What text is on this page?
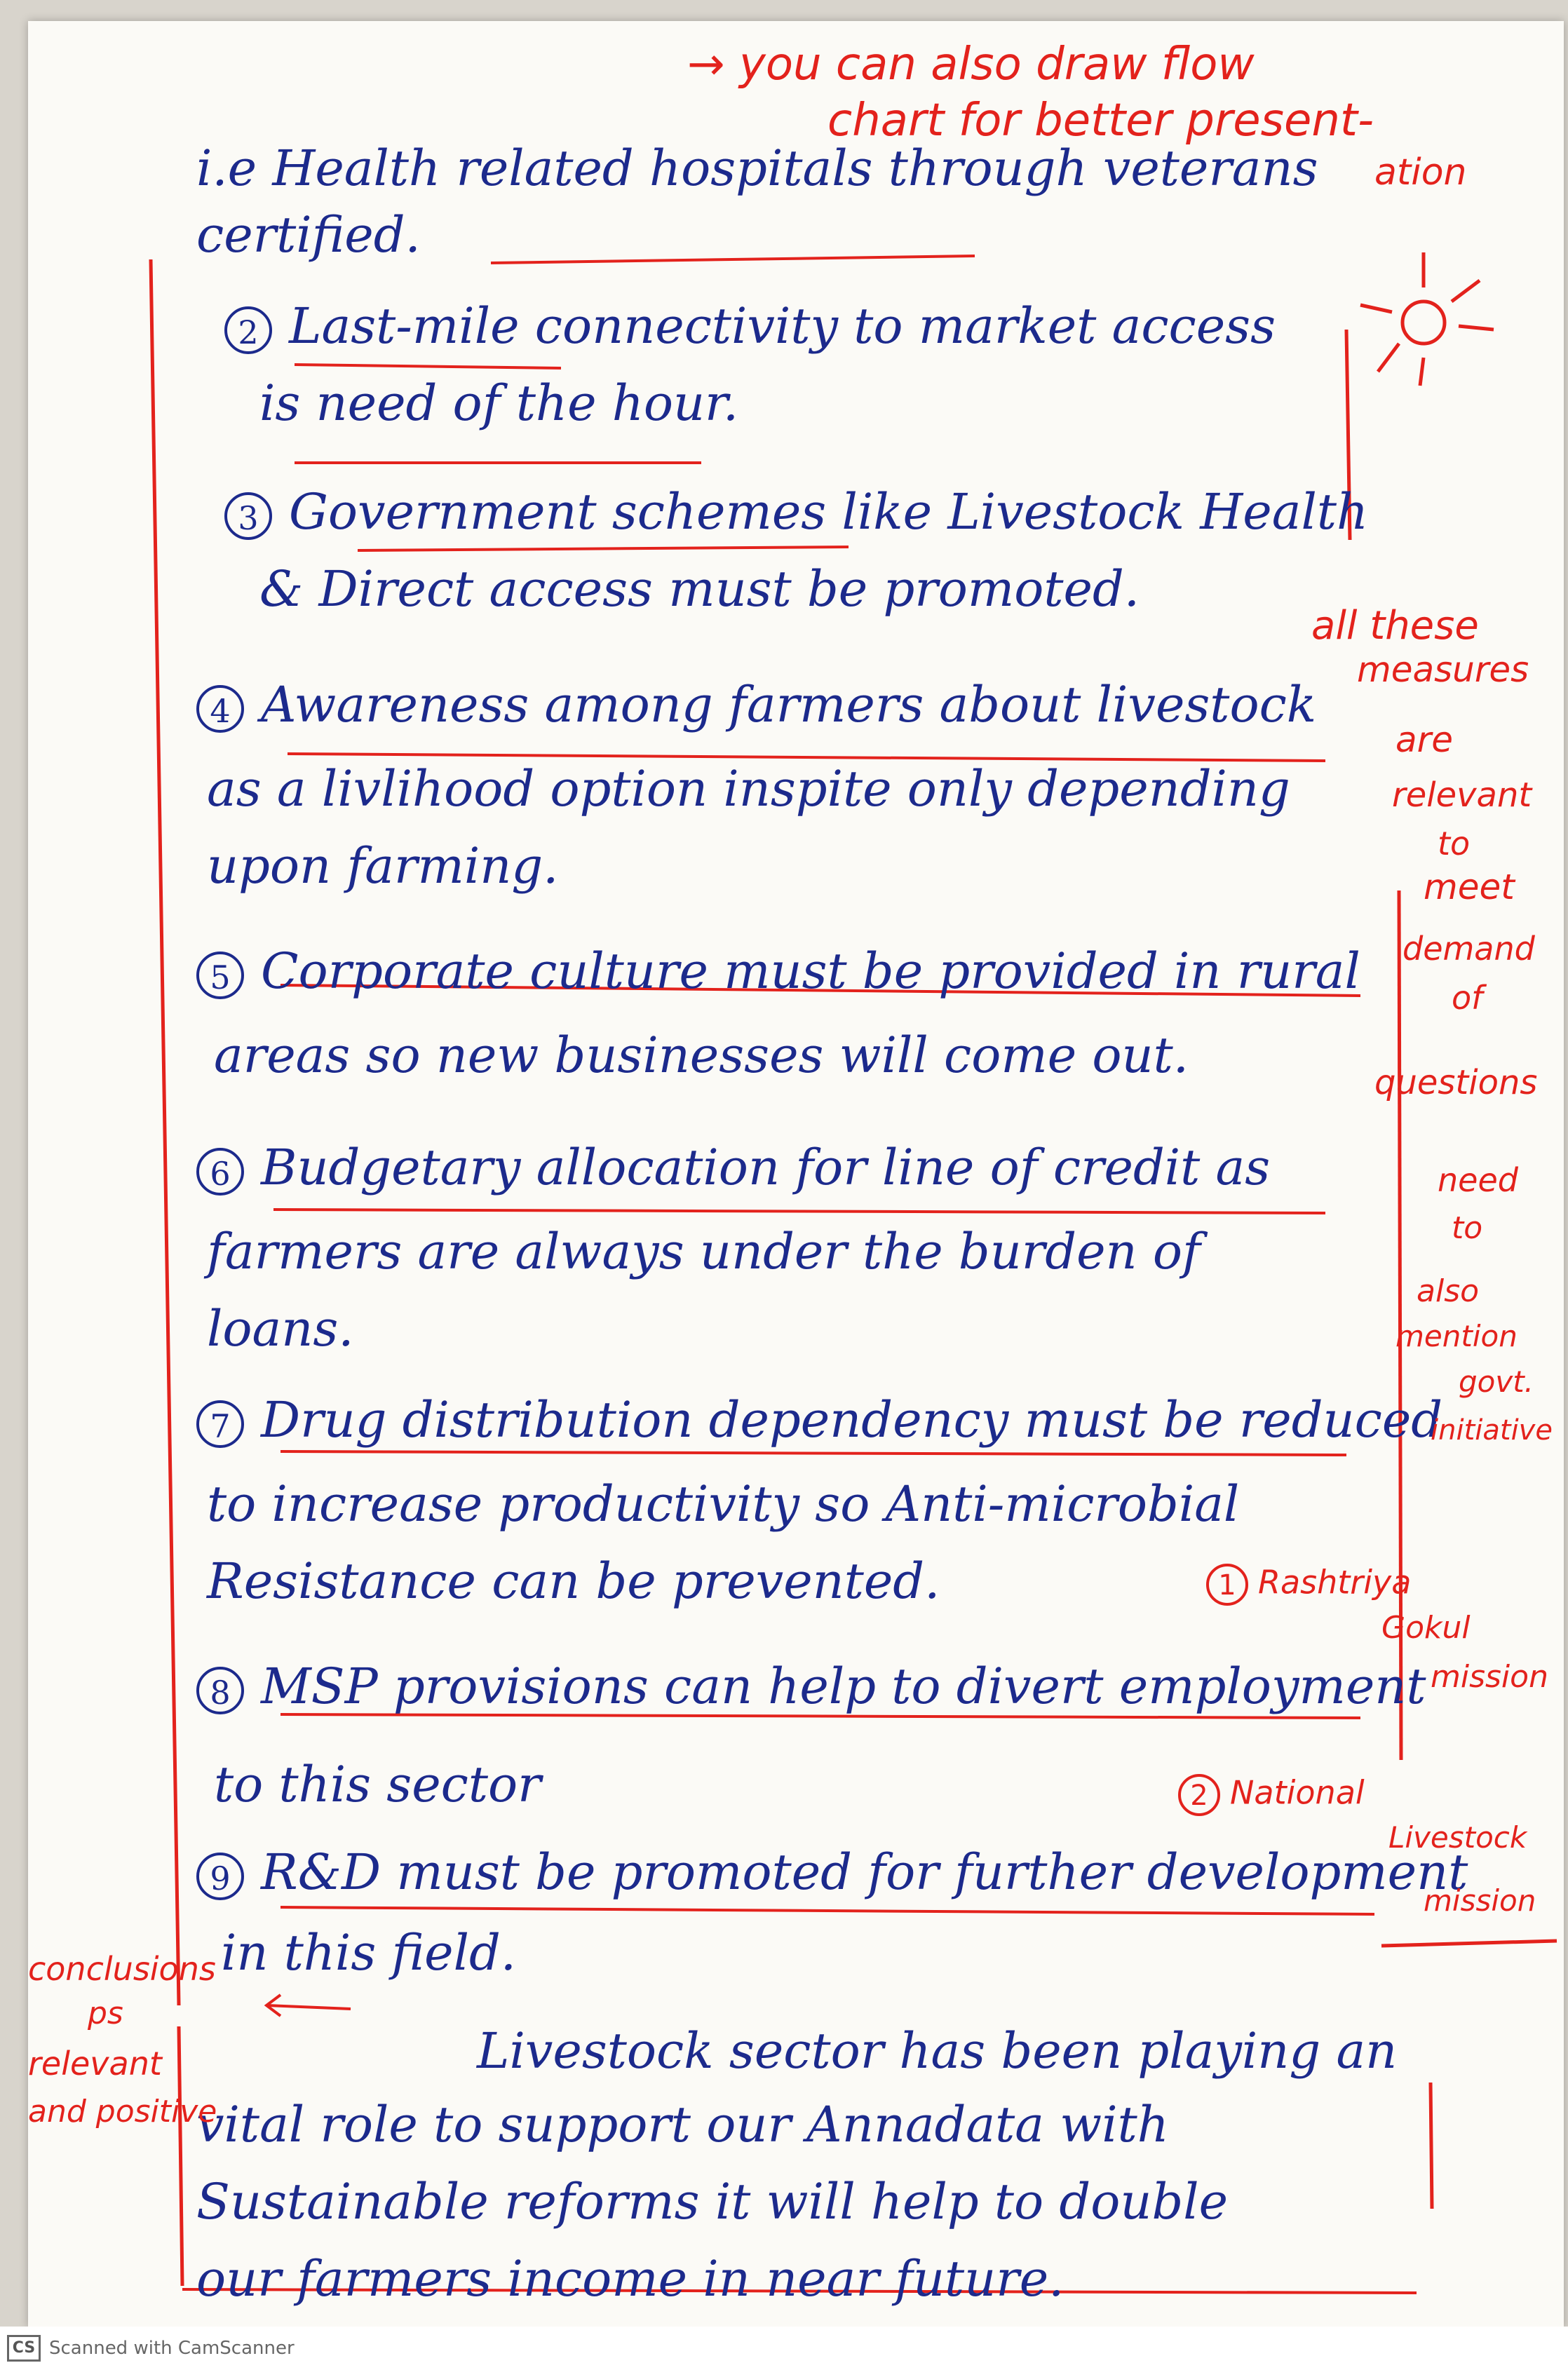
→ you can also draw flow
chart for better present-
ation
i.e Health related hospitals through veterans
certified.
2 Last-mile connectivity to market access
is need of the hour.
3 Government schemes like Livestock Health
& Direct access must be promoted.
4 Awareness among farmers about livestock
as a livlihood option inspite only depending
upon farming.
5 Corporate culture must be provided in rural
areas so new businesses will come out.
6 Budgetary allocation for line of credit as
farmers are always under the burden of
loans.
7 Drug distribution dependency must be reduced
to increase productivity so Anti-microbial
Resistance can be prevented.
8 MSP provisions can help to divert employment
to this sector
9 R&D must be promoted for further development
in this field.
Livestock sector has been playing an
vital role to support our Annadata with
Sustainable reforms it will help to double
our farmers income in near future.
all these
measures
are
relevant
to
meet
demand
of
questions
need
to
also
mention
govt.
initiative
1 Rashtriya
Gokul
mission
2 National
Livestock
mission
conclusions
ps
relevant
and positive
CS Scanned with CamScanner
